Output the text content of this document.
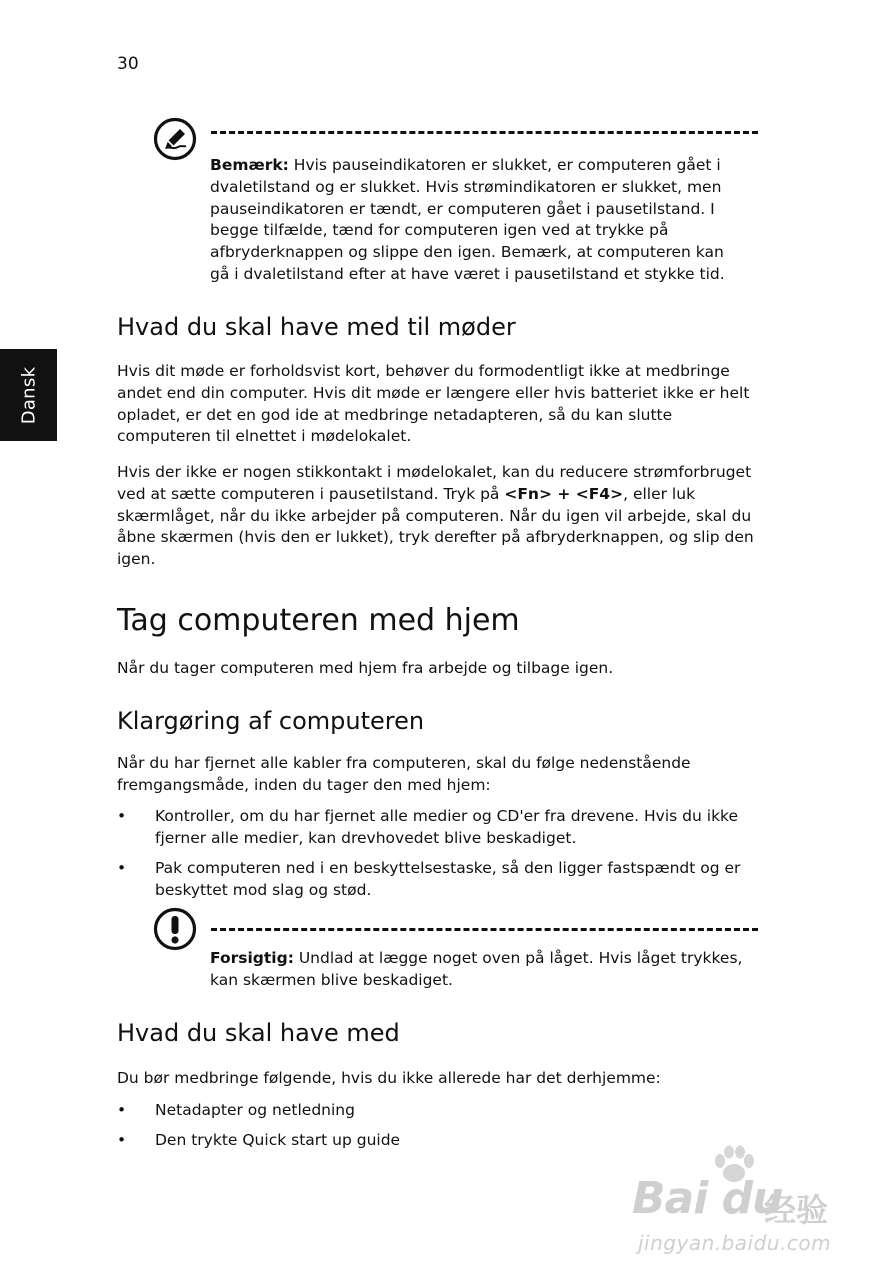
30
Dansk
Bemærk: Hvis pauseindikatoren er slukket, er computeren gået i dvaletilstand og er slukket. Hvis strømindikatoren er slukket, men pauseindikatoren er tændt, er computeren gået i pausetilstand. I begge tilfælde, tænd for computeren igen ved at trykke på afbryderknappen og slippe den igen. Bemærk, at computeren kan gå i dvaletilstand efter at have været i pausetilstand et stykke tid.
Hvad du skal have med til møder

Hvis dit møde er forholdsvist kort, behøver du formodentligt ikke at medbringe andet end din computer. Hvis dit møde er længere eller hvis batteriet ikke er helt opladet, er det en god ide at medbringe netadapteren, så du kan slutte computeren til elnettet i mødelokalet.

Hvis der ikke er nogen stikkontakt i mødelokalet, kan du reducere strømforbruget ved at sætte computeren i pausetilstand. Tryk på <Fn> + <F4>, eller luk skærmlåget, når du ikke arbejder på computeren. Når du igen vil arbejde, skal du åbne skærmen (hvis den er lukket), tryk derefter på afbryderknappen, og slip den igen.

Tag computeren med hjem

Når du tager computeren med hjem fra arbejde og tilbage igen.

Klargøring af computeren

Når du har fjernet alle kabler fra computeren, skal du følge nedenstående fremgangsmåde, inden du tager den med hjem:

• Kontroller, om du har fjernet alle medier og CD'er fra drevene. Hvis du ikke fjerner alle medier, kan drevhovedet blive beskadiget.
• Pak computeren ned i en beskyttelsestaske, så den ligger fastspændt og er beskyttet mod slag og stød.
Forsigtig: Undlad at lægge noget oven på låget. Hvis låget trykkes, kan skærmen blive beskadiget.
Hvad du skal have med

Du bør medbringe følgende, hvis du ikke allerede har det derhjemme:

• Netadapter og netledning
• Den trykte Quick start up guide
Bai du
经验
jingyan.baidu.com
